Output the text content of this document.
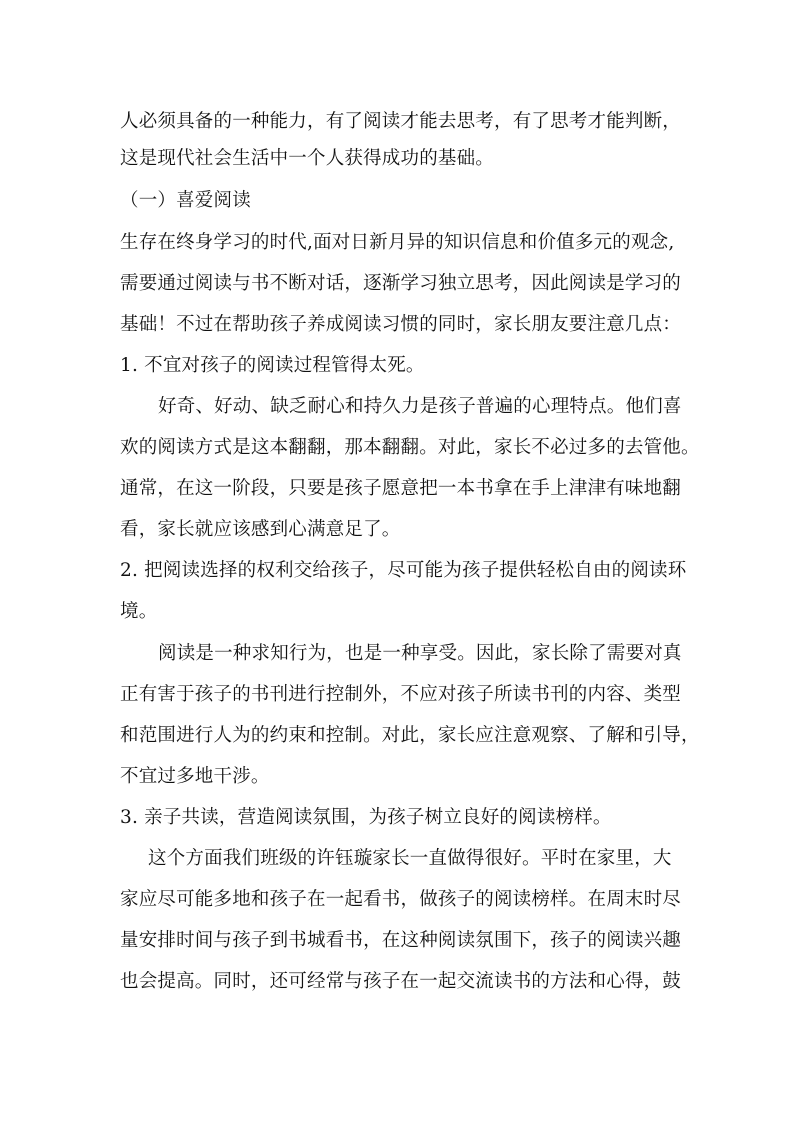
人必须具备的一种能力，有了阅读才能去思考，有了思考才能判断，
这是现代社会生活中一个人获得成功的基础。
（一）喜爱阅读
生存在终身学习的时代,面对日新月异的知识信息和价值多元的观念,
需要通过阅读与书不断对话，逐渐学习独立思考，因此阅读是学习的
基础！不过在帮助孩子养成阅读习惯的同时，家长朋友要注意几点：
1. 不宜对孩子的阅读过程管得太死。
好奇、好动、缺乏耐心和持久力是孩子普遍的心理特点。他们喜
欢的阅读方式是这本翻翻，那本翻翻。对此，家长不必过多的去管他。
通常，在这一阶段，只要是孩子愿意把一本书拿在手上津津有味地翻
看，家长就应该感到心满意足了。
2. 把阅读选择的权利交给孩子，尽可能为孩子提供轻松自由的阅读环
境。
阅读是一种求知行为，也是一种享受。因此，家长除了需要对真
正有害于孩子的书刊进行控制外，不应对孩子所读书刊的内容、类型
和范围进行人为的约束和控制。对此，家长应注意观察、了解和引导，
不宜过多地干涉。
3. 亲子共读，营造阅读氛围，为孩子树立良好的阅读榜样。
这个方面我们班级的许钰璇家长一直做得很好。平时在家里，大
家应尽可能多地和孩子在一起看书，做孩子的阅读榜样。在周末时尽
量安排时间与孩子到书城看书，在这种阅读氛围下，孩子的阅读兴趣
也会提高。同时，还可经常与孩子在一起交流读书的方法和心得，鼓
